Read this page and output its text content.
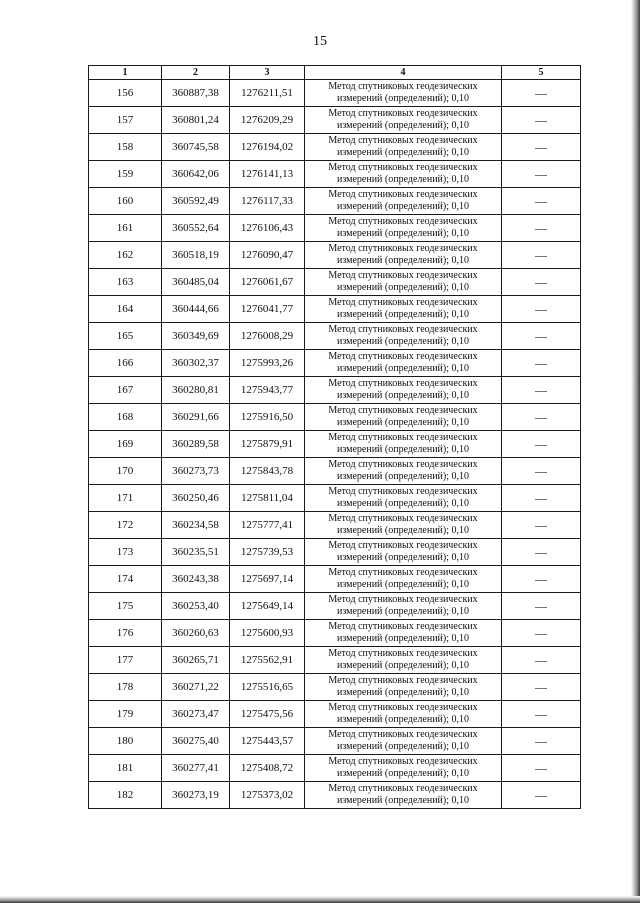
15
1	2	3	4	5
156	360887,38	1276211,51	Метод спутниковых геодезических измерений (определений); 0,10	—
157	360801,24	1276209,29	Метод спутниковых геодезических измерений (определений); 0,10	—
158	360745,58	1276194,02	Метод спутниковых геодезических измерений (определений); 0,10	—
159	360642,06	1276141,13	Метод спутниковых геодезических измерений (определений); 0,10	—
160	360592,49	1276117,33	Метод спутниковых геодезических измерений (определений); 0,10	—
161	360552,64	1276106,43	Метод спутниковых геодезических измерений (определений); 0,10	—
162	360518,19	1276090,47	Метод спутниковых геодезических измерений (определений); 0,10	—
163	360485,04	1276061,67	Метод спутниковых геодезических измерений (определений); 0,10	—
164	360444,66	1276041,77	Метод спутниковых геодезических измерений (определений); 0,10	—
165	360349,69	1276008,29	Метод спутниковых геодезических измерений (определений); 0,10	—
166	360302,37	1275993,26	Метод спутниковых геодезических измерений (определений); 0,10	—
167	360280,81	1275943,77	Метод спутниковых геодезических измерений (определений); 0,10	—
168	360291,66	1275916,50	Метод спутниковых геодезических измерений (определений); 0,10	—
169	360289,58	1275879,91	Метод спутниковых геодезических измерений (определений); 0,10	—
170	360273,73	1275843,78	Метод спутниковых геодезических измерений (определений); 0,10	—
171	360250,46	1275811,04	Метод спутниковых геодезических измерений (определений); 0,10	—
172	360234,58	1275777,41	Метод спутниковых геодезических измерений (определений); 0,10	—
173	360235,51	1275739,53	Метод спутниковых геодезических измерений (определений); 0,10	—
174	360243,38	1275697,14	Метод спутниковых геодезических измерений (определений); 0,10	—
175	360253,40	1275649,14	Метод спутниковых геодезических измерений (определений); 0,10	—
176	360260,63	1275600,93	Метод спутниковых геодезических измерений (определений); 0,10	—
177	360265,71	1275562,91	Метод спутниковых геодезических измерений (определений); 0,10	—
178	360271,22	1275516,65	Метод спутниковых геодезических измерений (определений); 0,10	—
179	360273,47	1275475,56	Метод спутниковых геодезических измерений (определений); 0,10	—
180	360275,40	1275443,57	Метод спутниковых геодезических измерений (определений); 0,10	—
181	360277,41	1275408,72	Метод спутниковых геодезических измерений (определений); 0,10	—
182	360273,19	1275373,02	Метод спутниковых геодезических измерений (определений); 0,10	—
